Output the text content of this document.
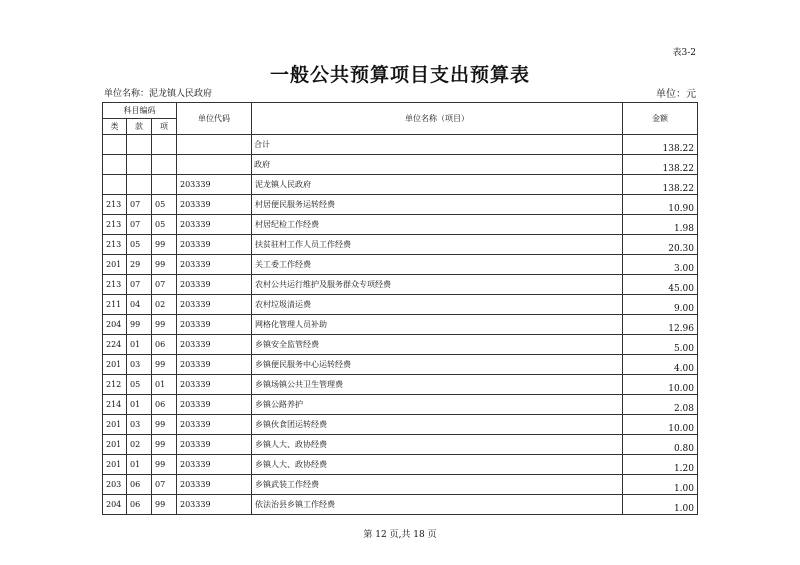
表3-2
一般公共预算项目支出预算表
单位名称：泥龙镇人民政府	单位：元
科目编码			单位代码	单位名称（项目）	金额
类	款	项			
				合计	138.22
				政府	138.22
			203339	泥龙镇人民政府	138.22
213	07	05	203339	村居便民服务运转经费	10.90
213	07	05	203339	村居纪检工作经费	1.98
213	05	99	203339	扶贫驻村工作人员工作经费	20.30
201	29	99	203339	关工委工作经费	3.00
213	07	07	203339	农村公共运行维护及服务群众专项经费	45.00
211	04	02	203339	农村垃圾清运费	9.00
204	99	99	203339	网格化管理人员补助	12.96
224	01	06	203339	乡镇安全监管经费	5.00
201	03	99	203339	乡镇便民服务中心运转经费	4.00
212	05	01	203339	乡镇场镇公共卫生管理费	10.00
214	01	06	203339	乡镇公路养护	2.08
201	03	99	203339	乡镇伙食团运转经费	10.00
201	02	99	203339	乡镇人大、政协经费	0.80
201	01	99	203339	乡镇人大、政协经费	1.20
203	06	07	203339	乡镇武装工作经费	1.00
204	06	99	203339	依法治县乡镇工作经费	1.00
第 12 页,共 18 页
